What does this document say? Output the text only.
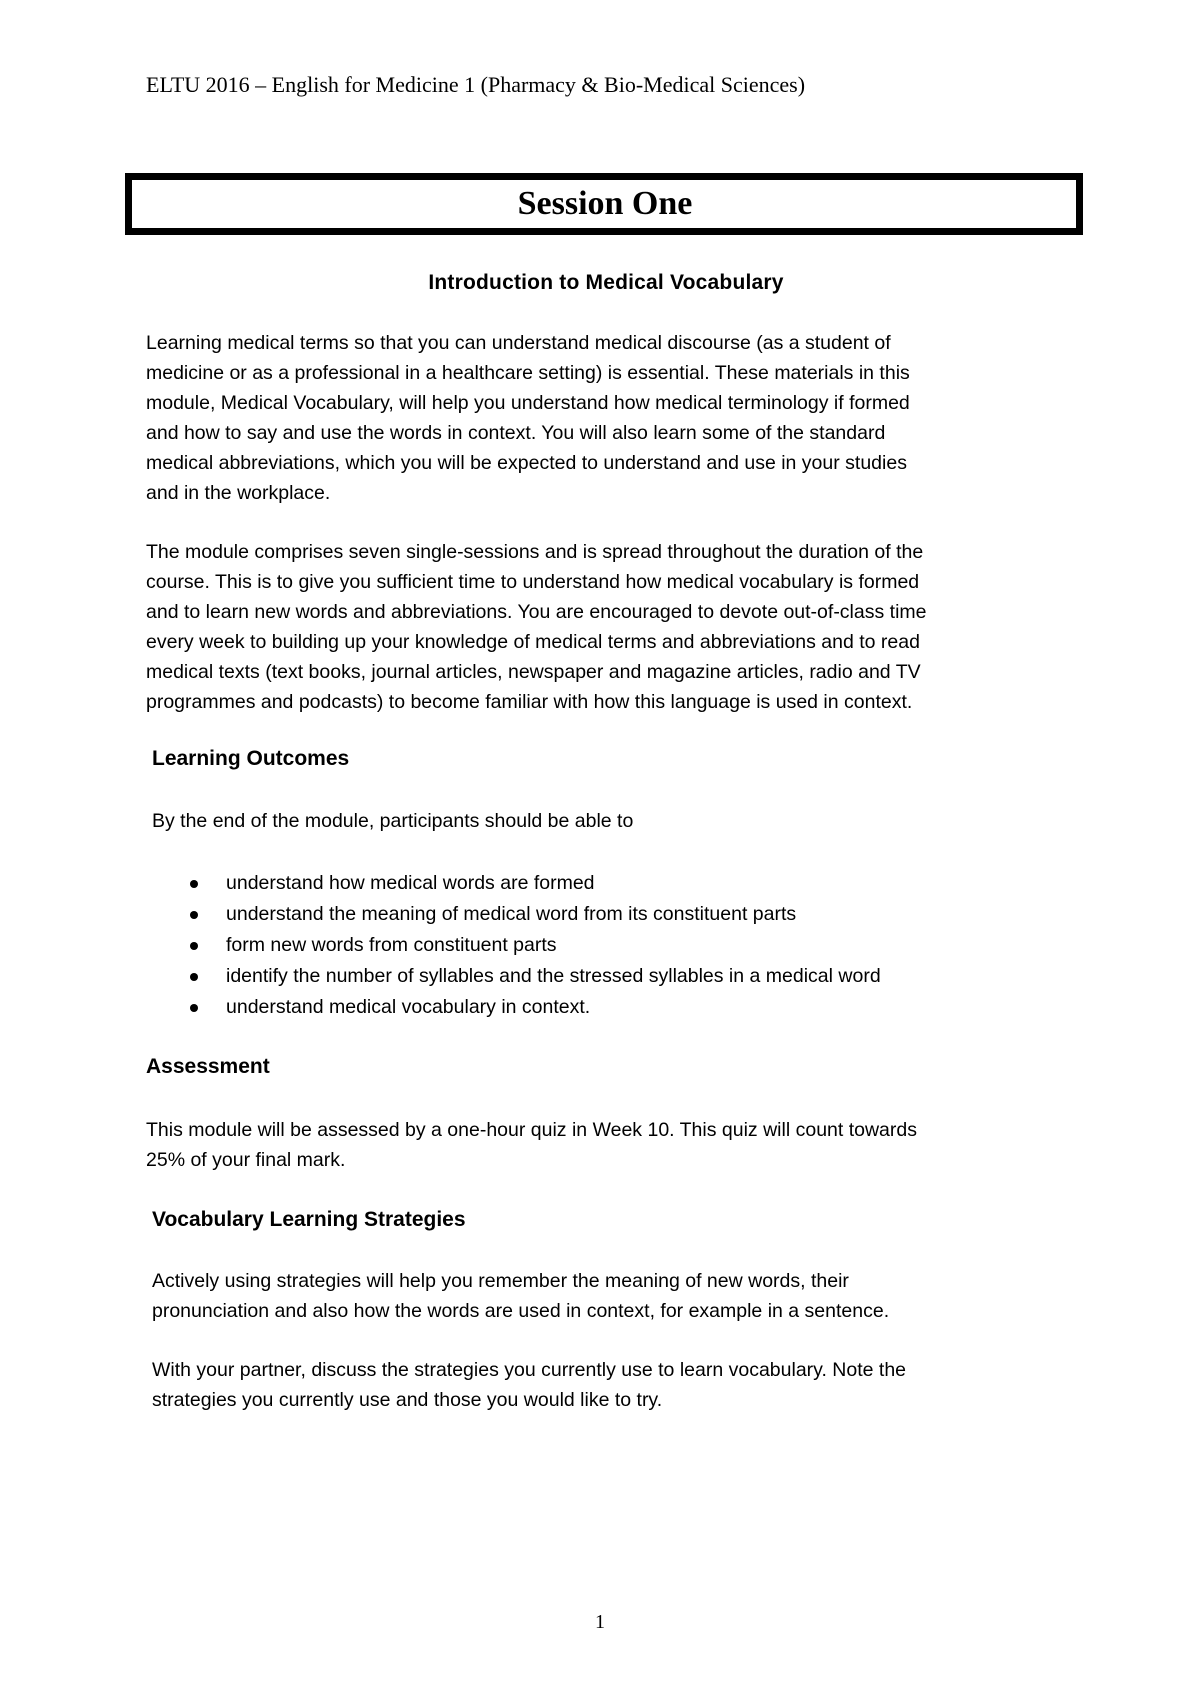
ELTU 2016 – English for Medicine 1 (Pharmacy & Bio-Medical Sciences)
Session One
Introduction to Medical Vocabulary

Learning medical terms so that you can understand medical discourse (as a student of
medicine or as a professional in a healthcare setting) is essential. These materials in this
module, Medical Vocabulary, will help you understand how medical terminology if formed
and how to say and use the words in context. You will also learn some of the standard
medical abbreviations, which you will be expected to understand and use in your studies
and in the workplace.

The module comprises seven single-sessions and is spread throughout the duration of the
course. This is to give you sufficient time to understand how medical vocabulary is formed
and to learn new words and abbreviations. You are encouraged to devote out-of-class time
every week to building up your knowledge of medical terms and abbreviations and to read
medical texts (text books, journal articles, newspaper and magazine articles, radio and TV
programmes and podcasts) to become familiar with how this language is used in context.

Learning Outcomes

By the end of the module, participants should be able to

understand how medical words are formed
understand the meaning of medical word from its constituent parts
form new words from constituent parts
identify the number of syllables and the stressed syllables in a medical word
understand medical vocabulary in context.
Assessment

This module will be assessed by a one-hour quiz in Week 10. This quiz will count towards
25% of your final mark.

Vocabulary Learning Strategies

Actively using strategies will help you remember the meaning of new words, their
pronunciation and also how the words are used in context, for example in a sentence.

With your partner, discuss the strategies you currently use to learn vocabulary. Note the
strategies you currently use and those you would like to try.

1
